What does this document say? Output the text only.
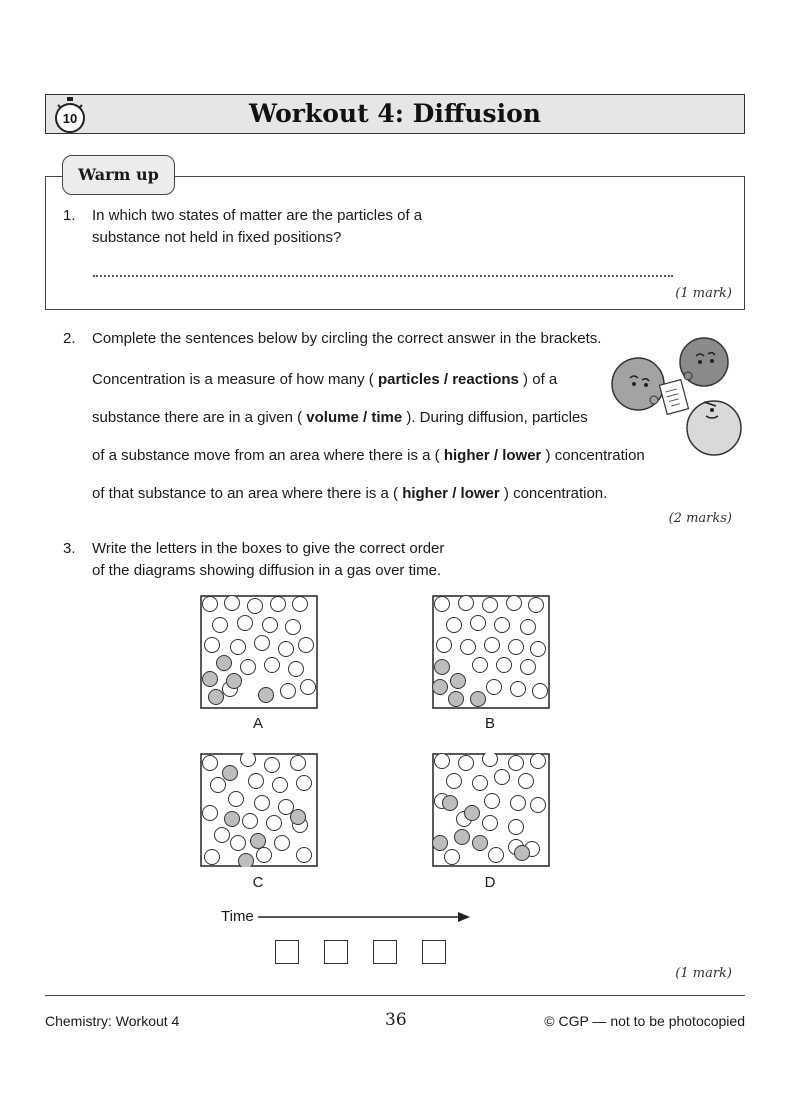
Workout 4: Diffusion
10
Warm up
1. In which two states of matter are the particles of a
substance not held in fixed positions?
(1 mark)
2. Complete the sentences below by circling the correct answer in the brackets.
Concentration is a measure of how many ( particles / reactions ) of a
substance there are in a given ( volume / time ). During diffusion, particles
of a substance move from an area where there is a ( higher / lower ) concentration
of that substance to an area where there is a ( higher / lower ) concentration.
(2 marks)
3. Write the letters in the boxes to give the correct order
of the diagrams showing diffusion in a gas over time.
A	B
C	D
Time
(1 mark)
Chemistry: Workout 4	36	© CGP — not to be photocopied
